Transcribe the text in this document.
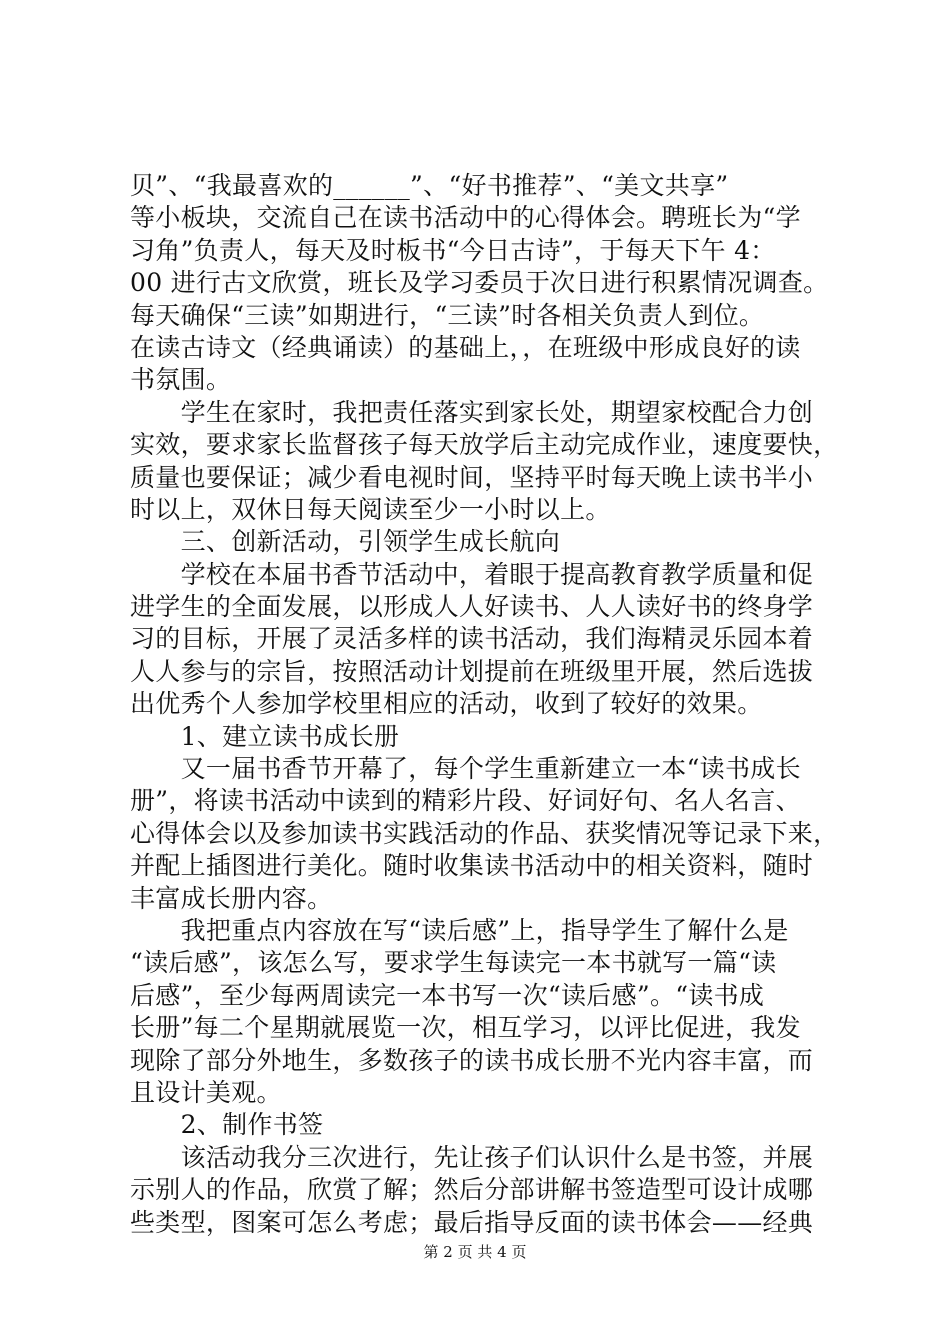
贝”、“我最喜欢的______”、“好书推荐”、“美文共享”
等小板块，交流自己在读书活动中的心得体会。聘班长为“学
习角”负责人，每天及时板书“今日古诗”，于每天下午 4：
00 进行古文欣赏，班长及学习委员于次日进行积累情况调查。
每天确保“三读”如期进行，“三读”时各相关负责人到位。
在读古诗文（经典诵读）的基础上，，在班级中形成良好的读
书氛围。
　　学生在家时，我把责任落实到家长处，期望家校配合力创
实效，要求家长监督孩子每天放学后主动完成作业，速度要快，
质量也要保证；减少看电视时间，坚持平时每天晚上读书半小
时以上，双休日每天阅读至少一小时以上。
　　三、创新活动，引领学生成长航向
　　学校在本届书香节活动中，着眼于提高教育教学质量和促
进学生的全面发展，以形成人人好读书、人人读好书的终身学
习的目标，开展了灵活多样的读书活动，我们海精灵乐园本着
人人参与的宗旨，按照活动计划提前在班级里开展，然后选拔
出优秀个人参加学校里相应的活动，收到了较好的效果。
　　1、建立读书成长册
　　又一届书香节开幕了，每个学生重新建立一本“读书成长
册”，将读书活动中读到的精彩片段、好词好句、名人名言、
心得体会以及参加读书实践活动的作品、获奖情况等记录下来，
并配上插图进行美化。随时收集读书活动中的相关资料，随时
丰富成长册内容。
　　我把重点内容放在写“读后感”上，指导学生了解什么是
“读后感”，该怎么写，要求学生每读完一本书就写一篇“读
后感”，至少每两周读完一本书写一次“读后感”。“读书成
长册”每二个星期就展览一次，相互学习，以评比促进，我发
现除了部分外地生，多数孩子的读书成长册不光内容丰富，而
且设计美观。
　　2、制作书签
　　该活动我分三次进行，先让孩子们认识什么是书签，并展
示别人的作品，欣赏了解；然后分部讲解书签造型可设计成哪
些类型，图案可怎么考虑；最后指导反面的读书体会——经典
第 2 页 共 4 页
